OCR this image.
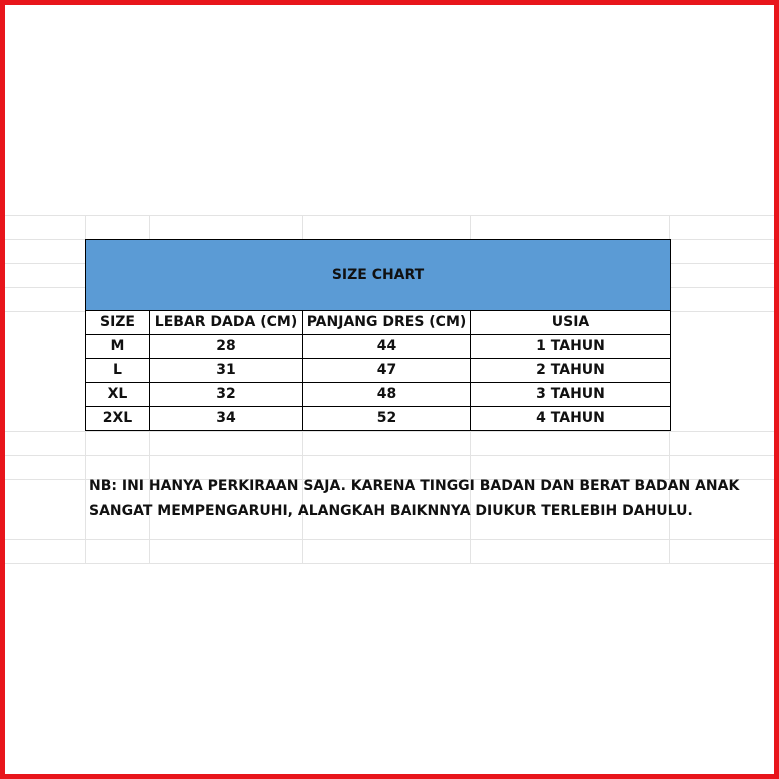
SIZE CHART			
SIZE	LEBAR DADA (CM)	PANJANG DRES (CM)	USIA
M	28	44	1 TAHUN
L	31	47	2 TAHUN
XL	32	48	3 TAHUN
2XL	34	52	4 TAHUN
NB: INI HANYA PERKIRAAN SAJA. KARENA TINGGI BADAN DAN BERAT BADAN ANAK
SANGAT MEMPENGARUHI, ALANGKAH BAIKNNYA DIUKUR TERLEBIH DAHULU.
